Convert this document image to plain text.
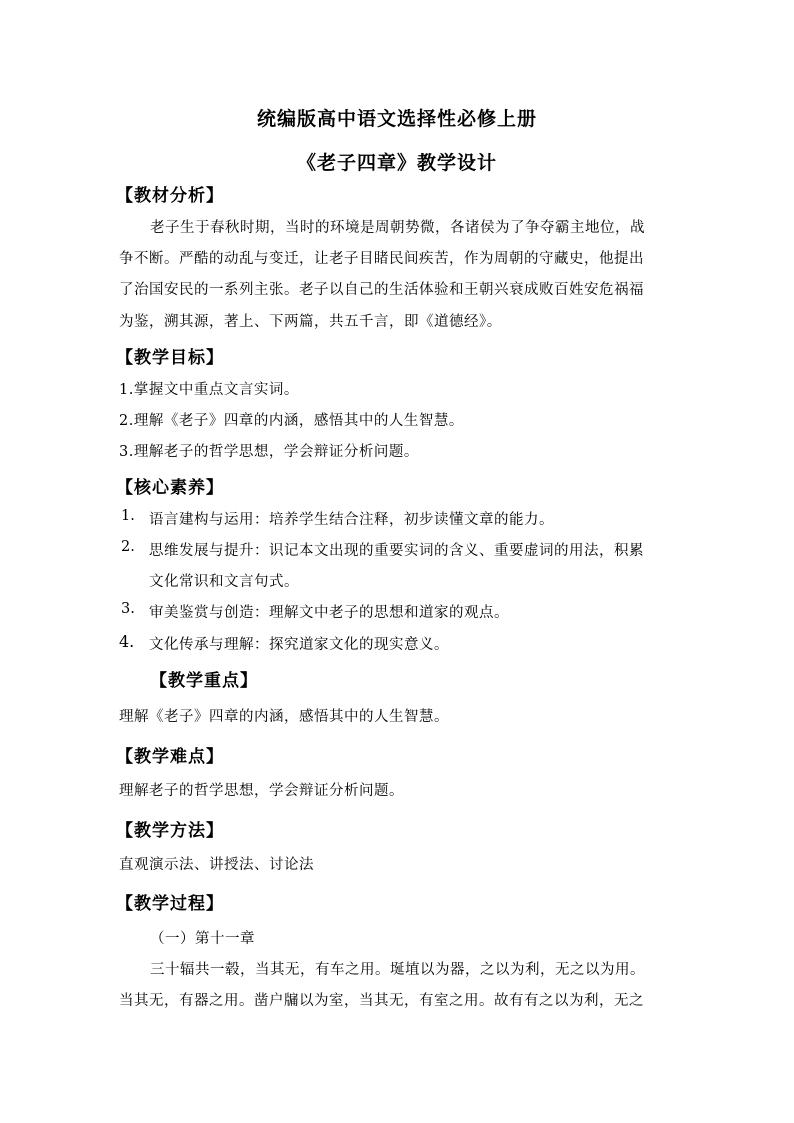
统编版高中语文选择性必修上册
《老子四章》教学设计
【教材分析】
老子生于春秋时期，当时的环境是周朝势微，各诸侯为了争夺霸主地位，战
争不断。严酷的动乱与变迁，让老子目睹民间疾苦，作为周朝的守藏史，他提出
了治国安民的一系列主张。老子以自己的生活体验和王朝兴衰成败百姓安危祸福
为鉴，溯其源，著上、下两篇，共五千言，即《道德经》。
【教学目标】
1.掌握文中重点文言实词。
2.理解《老子》四章的内涵，感悟其中的人生智慧。
3.理解老子的哲学思想，学会辩证分析问题。
【核心素养】
1. 语言建构与运用：培养学生结合注释，初步读懂文章的能力。
2. 思维发展与提升：识记本文出现的重要实词的含义、重要虚词的用法，积累
文化常识和文言句式。
3. 审美鉴赏与创造：理解文中老子的思想和道家的观点。
4. 文化传承与理解：探究道家文化的现实意义。
【教学重点】
理解《老子》四章的内涵，感悟其中的人生智慧。
【教学难点】
理解老子的哲学思想，学会辩证分析问题。
【教学方法】
直观演示法、讲授法、讨论法
【教学过程】
（一）第十一章
三十辐共一毂，当其无，有车之用。埏埴以为器，之以为利，无之以为用。
当其无，有器之用。凿户牖以为室，当其无，有室之用。故有有之以为利，无之
